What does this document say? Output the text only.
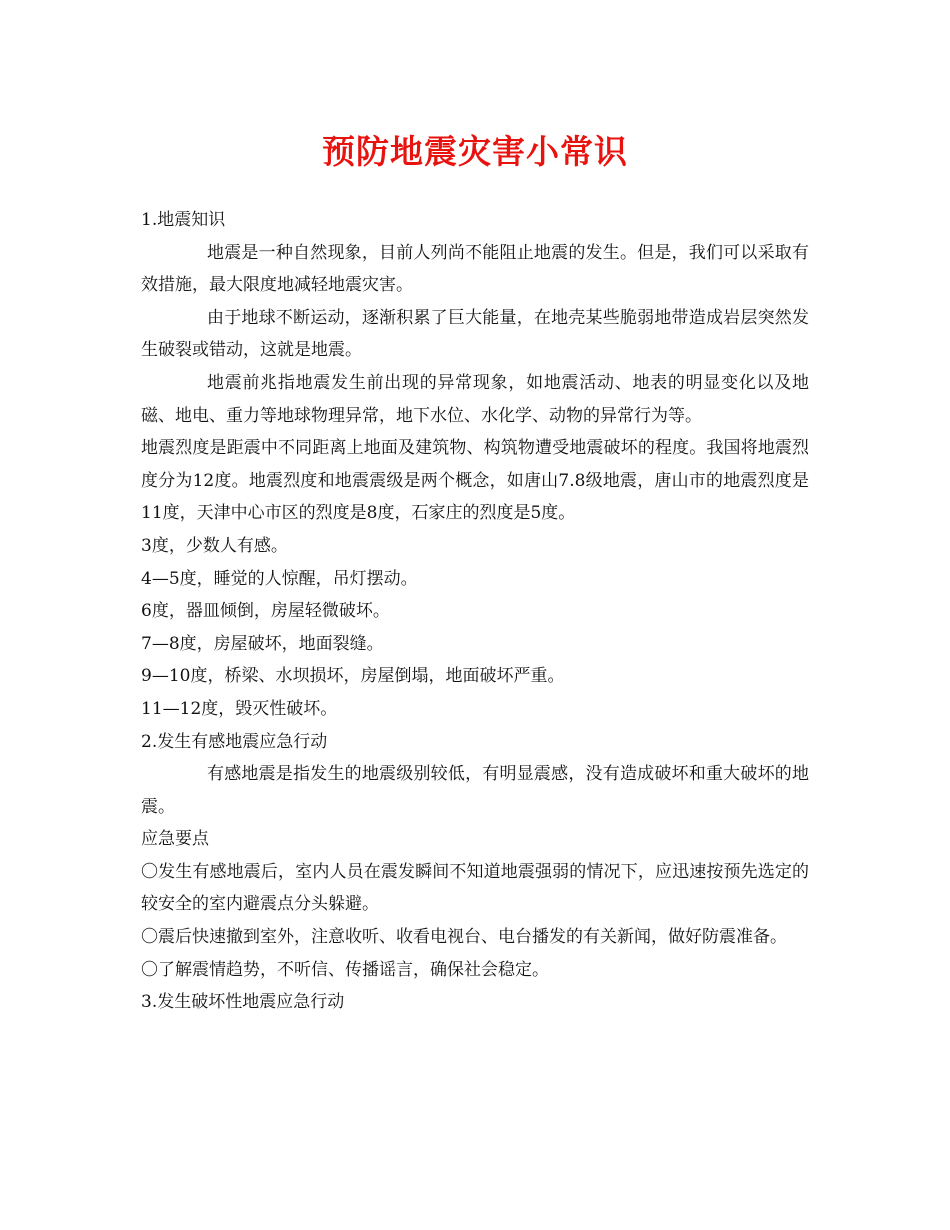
预防地震灾害小常识

1.地震知识

地震是一种自然现象，目前人列尚不能阻止地震的发生。但是，我们可以采取有效措施，最大限度地减轻地震灾害。

由于地球不断运动，逐渐积累了巨大能量，在地壳某些脆弱地带造成岩层突然发生破裂或错动，这就是地震。

地震前兆指地震发生前出现的异常现象，如地震活动、地表的明显变化以及地磁、地电、重力等地球物理异常，地下水位、水化学、动物的异常行为等。

地震烈度是距震中不同距离上地面及建筑物、构筑物遭受地震破坏的程度。我国将地震烈度分为12度。地震烈度和地震震级是两个概念，如唐山7.8级地震，唐山市的地震烈度是11度，天津中心市区的烈度是8度，石家庄的烈度是5度。

3度，少数人有感。

4—5度，睡觉的人惊醒，吊灯摆动。

6度，器皿倾倒，房屋轻微破坏。

7—8度，房屋破坏，地面裂缝。

9—10度，桥梁、水坝损坏，房屋倒塌，地面破坏严重。

11—12度，毁灭性破坏。

2.发生有感地震应急行动

有感地震是指发生的地震级别较低，有明显震感，没有造成破坏和重大破坏的地震。

应急要点

〇发生有感地震后，室内人员在震发瞬间不知道地震强弱的情况下，应迅速按预先选定的较安全的室内避震点分头躲避。

〇震后快速撤到室外，注意收听、收看电视台、电台播发的有关新闻，做好防震准备。

〇了解震情趋势，不听信、传播谣言，确保社会稳定。

3.发生破坏性地震应急行动
